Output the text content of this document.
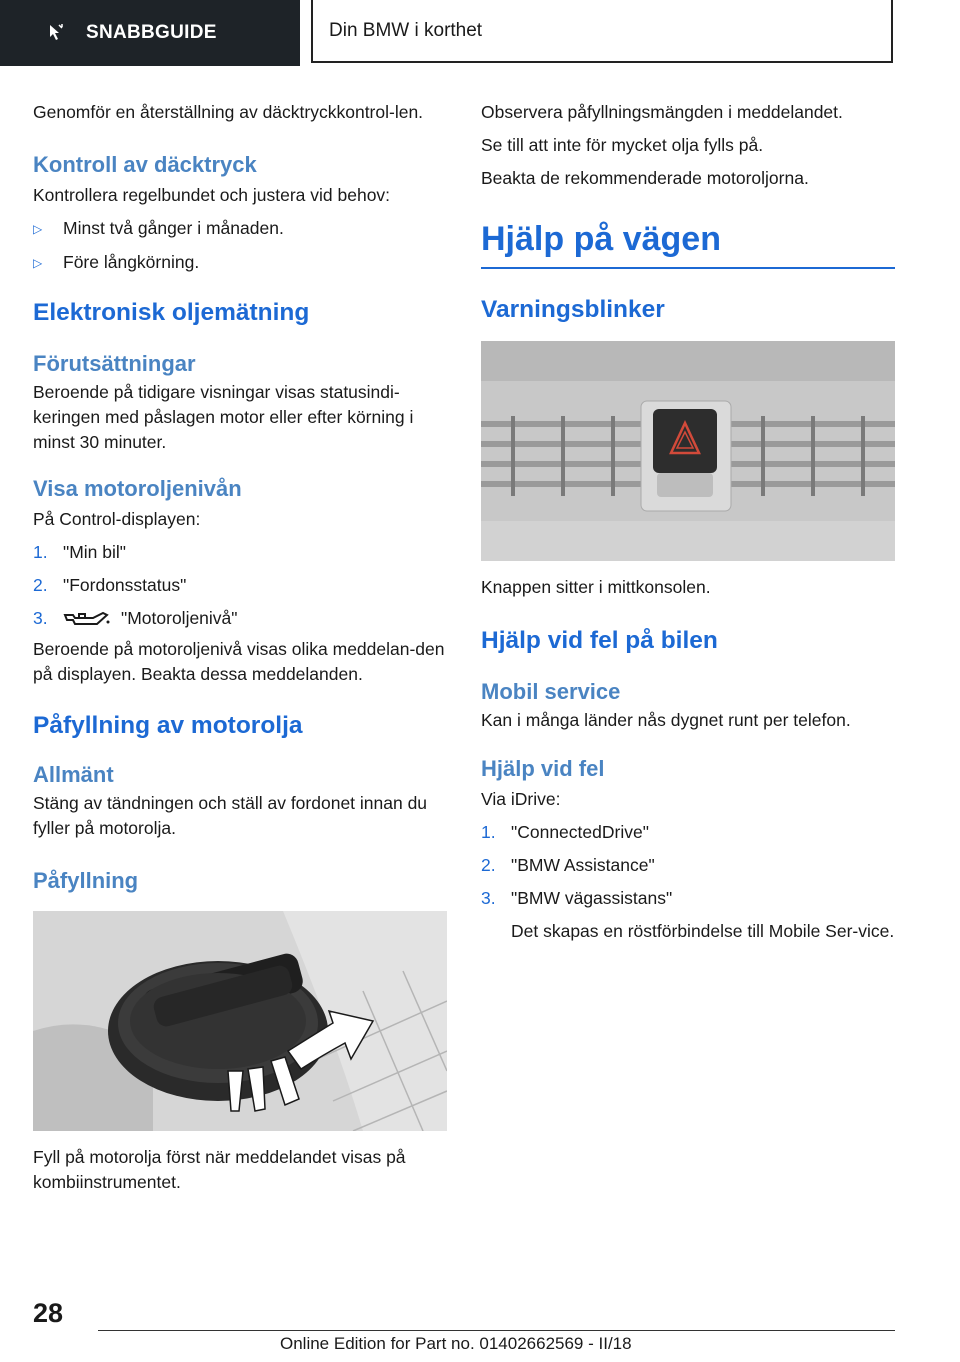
SNABBGUIDE	Din BMW i korthet

Genomför en återställning av däcktryckkontrol-len.

Kontroll av däcktryck

Kontrollera regelbundet och justera vid behov:

▷	Minst två gånger i månaden.
▷	Före långkörning.
Elektronisk oljemätning
Förutsättningar

Beroende på tidigare visningar visas statusindi-keringen med påslagen motor eller efter körning i minst 30 minuter.

Visa motoroljenivån

På Control-displayen:

1. "Min bil"
2. "Fordonsstatus"
3.	"Motoroljenivå"

Beroende på motoroljenivå visas olika meddelan-den på displayen. Beakta dessa meddelanden.

Påfyllning av motorolja
Allmänt

Stäng av tändningen och ställ av fordonet innan du fyller på motorolja.

Påfyllning

Fyll på motorolja först när meddelandet visas på kombiinstrumentet.

Observera påfyllningsmängden i meddelandet.

Se till att inte för mycket olja fylls på.

Beakta de rekommenderade motoroljorna.

Hjälp på vägen
Varningsblinker

Knappen sitter i mittkonsolen.

Hjälp vid fel på bilen
Mobil service

Kan i många länder nås dygnet runt per telefon.

Hjälp vid fel

Via iDrive:

1. "ConnectedDrive"
2. "BMW Assistance"
3. "BMW vägassistans"

Det skapas en röstförbindelse till Mobile Ser-vice.

28
Online Edition for Part no. 01402662569 - II/18
